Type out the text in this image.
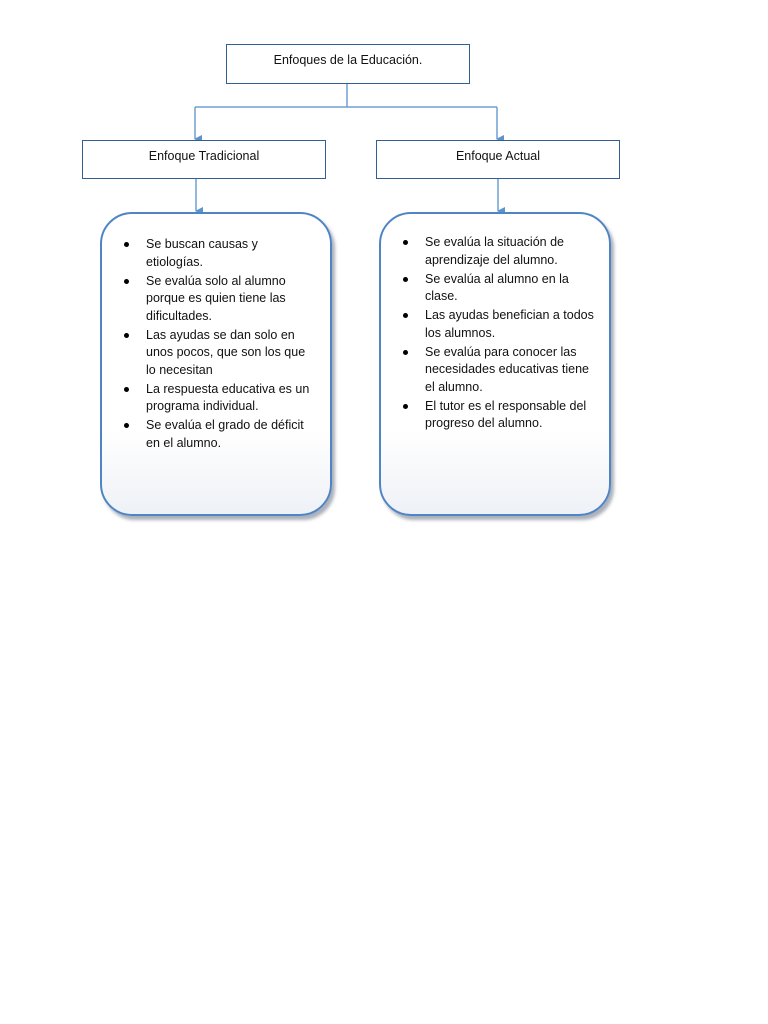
Enfoques de la Educación.
Enfoque Tradicional	Enfoque Actual
Se buscan causas y etiologías.
Se evalúa solo al alumno porque es quien tiene las dificultades.
Las ayudas se dan solo en unos pocos, que son los que lo necesitan
La respuesta educativa es un programa individual.
Se evalúa el grado de déficit en el alumno.
Se evalúa la situación de aprendizaje del alumno.
Se evalúa al alumno en la clase.
Las ayudas benefician a todos los alumnos.
Se evalúa para conocer las necesidades educativas tiene el alumno.
El tutor es el responsable del progreso del alumno.
